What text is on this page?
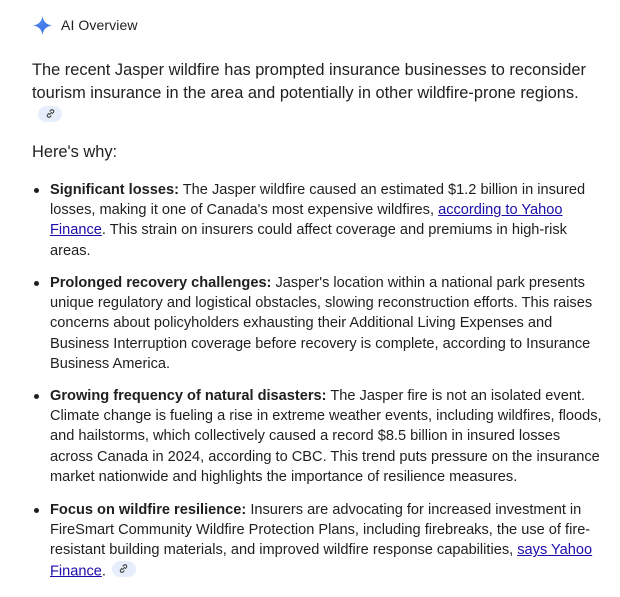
AI Overview
The recent Jasper wildfire has prompted insurance businesses to reconsider tourism insurance in the area and potentially in other wildfire-prone regions.
Here's why:
Significant losses: The Jasper wildfire caused an estimated $1.2 billion in insured losses, making it one of Canada's most expensive wildfires, according to Yahoo Finance. This strain on insurers could affect coverage and premiums in high-risk areas.
Prolonged recovery challenges: Jasper's location within a national park presents unique regulatory and logistical obstacles, slowing reconstruction efforts. This raises concerns about policyholders exhausting their Additional Living Expenses and Business Interruption coverage before recovery is complete, according to Insurance Business America.
Growing frequency of natural disasters: The Jasper fire is not an isolated event. Climate change is fueling a rise in extreme weather events, including wildfires, floods, and hailstorms, which collectively caused a record $8.5 billion in insured losses across Canada in 2024, according to CBC. This trend puts pressure on the insurance market nationwide and highlights the importance of resilience measures.
Focus on wildfire resilience: Insurers are advocating for increased investment in FireSmart Community Wildfire Protection Plans, including firebreaks, the use of fire-resistant building materials, and improved wildfire response capabilities, says Yahoo Finance.
